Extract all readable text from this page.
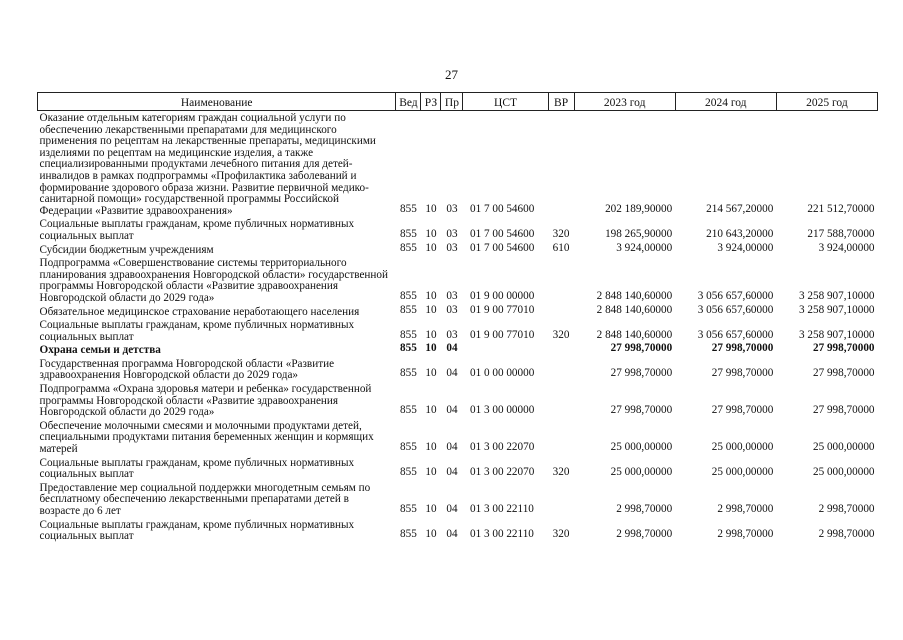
27
Наименование	Вед	РЗ	Пр	ЦСТ	ВР	2023 год	2024 год	2025 год
Оказание отдельным категориям граждан социальной услуги по обеспечению лекарственными препаратами для медицинского применения по рецептам на лекарственные препараты, медицинскими изделиями по рецептам на медицинские изделия, а также специализированными продуктами лечебного питания для детей-инвалидов в рамках подпрограммы «Профилактика заболеваний и формирование здорового образа жизни. Развитие первичной медико-санитарной помощи» государственной программы Российской Федерации «Развитие здравоохранения»	855	10	03	01 7 00 54600		202 189,90000	214 567,20000	221 512,70000
Социальные выплаты гражданам, кроме публичных нормативных социальных выплат	855	10	03	01 7 00 54600	320	198 265,90000	210 643,20000	217 588,70000
Субсидии бюджетным учреждениям	855	10	03	01 7 00 54600	610	3 924,00000	3 924,00000	3 924,00000
Подпрограмма «Совершенствование системы территориального планирования здравоохранения Новгородской области» государственной программы Новгородской области «Развитие здравоохранения Новгородской области до 2029 года»	855	10	03	01 9 00 00000		2 848 140,60000	3 056 657,60000	3 258 907,10000
Обязательное медицинское страхование неработающего населения	855	10	03	01 9 00 77010		2 848 140,60000	3 056 657,60000	3 258 907,10000
Социальные выплаты гражданам, кроме публичных нормативных социальных выплат	855	10	03	01 9 00 77010	320	2 848 140,60000	3 056 657,60000	3 258 907,10000
Охрана семьи и детства	855	10	04			27 998,70000	27 998,70000	27 998,70000
Государственная программа Новгородской области «Развитие здравоохранения Новгородской области до 2029 года»	855	10	04	01 0 00 00000		27 998,70000	27 998,70000	27 998,70000
Подпрограмма «Охрана здоровья матери и ребенка» государственной программы Новгородской области «Развитие здравоохранения Новгородской области до 2029 года»	855	10	04	01 3 00 00000		27 998,70000	27 998,70000	27 998,70000
Обеспечение молочными смесями и молочными продуктами детей, специальными продуктами питания беременных женщин и кормящих матерей	855	10	04	01 3 00 22070		25 000,00000	25 000,00000	25 000,00000
Социальные выплаты гражданам, кроме публичных нормативных социальных выплат	855	10	04	01 3 00 22070	320	25 000,00000	25 000,00000	25 000,00000
Предоставление мер социальной поддержки многодетным семьям по бесплатному обеспечению лекарственными препаратами детей в возрасте до 6 лет	855	10	04	01 3 00 22110		2 998,70000	2 998,70000	2 998,70000
Социальные выплаты гражданам, кроме публичных нормативных социальных выплат	855	10	04	01 3 00 22110	320	2 998,70000	2 998,70000	2 998,70000
